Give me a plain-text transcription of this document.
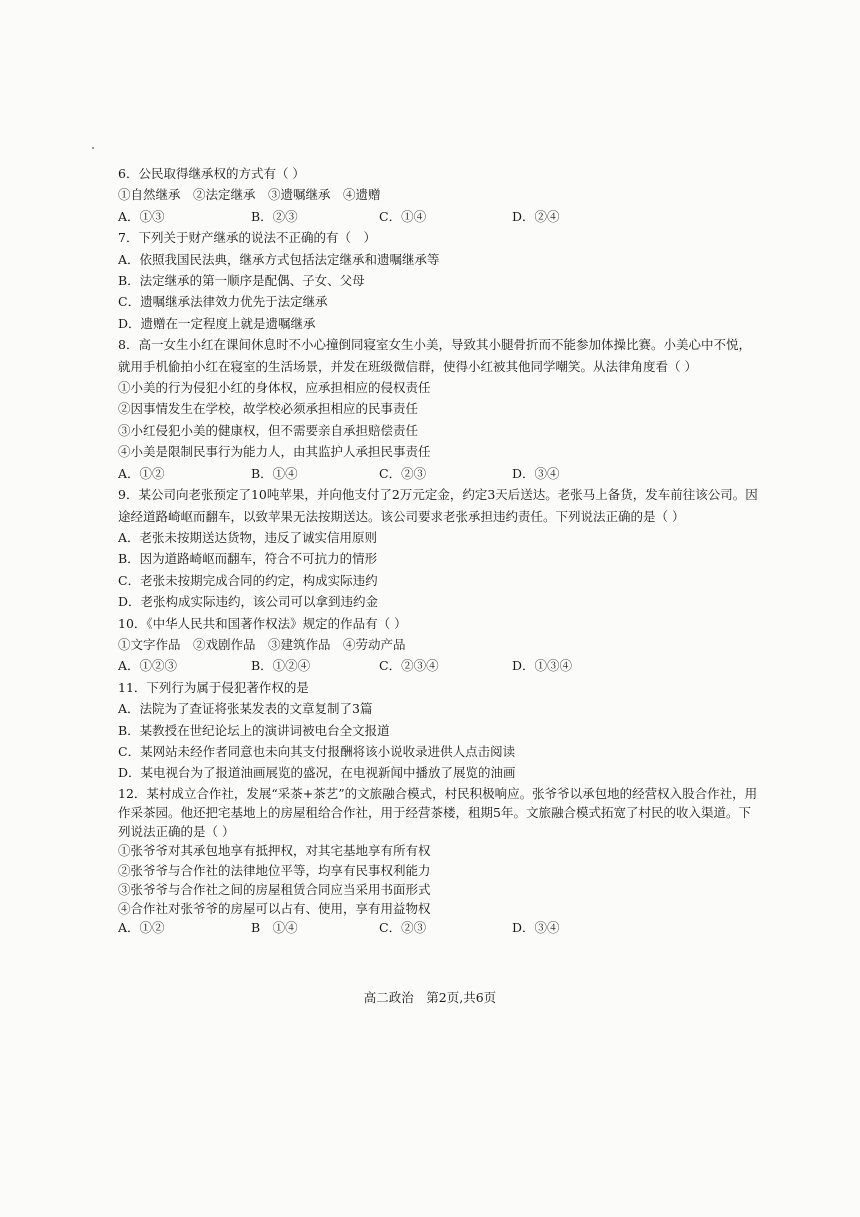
6．公民取得继承权的方式有（ ）
①自然继承　②法定继承　③遗嘱继承　④遗赠
A．①③	B．②③	C．①④	D．②④
7．下列关于财产继承的说法不正确的有（　）
A．依照我国民法典，继承方式包括法定继承和遗嘱继承等
B．法定继承的第一顺序是配偶、子女、父母
C．遗嘱继承法律效力优先于法定继承
D．遗赠在一定程度上就是遗嘱继承
8．高一女生小红在课间休息时不小心撞倒同寝室女生小美，导致其小腿骨折而不能参加体操比赛。小美心中不悦，就用手机偷拍小红在寝室的生活场景，并发在班级微信群，使得小红被其他同学嘲笑。从法律角度看（ ）
①小美的行为侵犯小红的身体权，应承担相应的侵权责任
②因事情发生在学校，故学校必须承担相应的民事责任
③小红侵犯小美的健康权，但不需要亲自承担赔偿责任
④小美是限制民事行为能力人，由其监护人承担民事责任
A．①②	B．①④	C．②③	D．③④
9．某公司向老张预定了10吨苹果，并向他支付了2万元定金，约定3天后送达。老张马上备货，发车前往该公司。因途经道路崎岖而翻车，以致苹果无法按期送达。该公司要求老张承担违约责任。下列说法正确的是（ ）
A．老张未按期送达货物，违反了诚实信用原则
B．因为道路崎岖而翻车，符合不可抗力的情形
C．老张未按期完成合同的约定，构成实际违约
D．老张构成实际违约，该公司可以拿到违约金
10．《中华人民共和国著作权法》规定的作品有（ ）
①文字作品　②戏剧作品　③建筑作品　④劳动产品
A．①②③	B．①②④	C．②③④	D．①③④
11．下列行为属于侵犯著作权的是
A．法院为了查证将张某发表的文章复制了3篇
B．某教授在世纪论坛上的演讲词被电台全文报道
C．某网站未经作者同意也未向其支付报酬将该小说收录进供人点击阅读
D．某电视台为了报道油画展览的盛况，在电视新闻中播放了展览的油画
12．某村成立合作社，发展“采茶+茶艺”的文旅融合模式，村民积极响应。张爷爷以承包地的经营权入股合作社，用作采茶园。他还把宅基地上的房屋租给合作社，用于经营茶楼，租期5年。文旅融合模式拓宽了村民的收入渠道。下列说法正确的是（ ）
①张爷爷对其承包地享有抵押权，对其宅基地享有所有权
②张爷爷与合作社的法律地位平等，均享有民事权利能力
③张爷爷与合作社之间的房屋租赁合同应当采用书面形式
④合作社对张爷爷的房屋可以占有、使用，享有用益物权
A．①②	B　①④	C．②③	D．③④
高二政治　第2页,共6页
